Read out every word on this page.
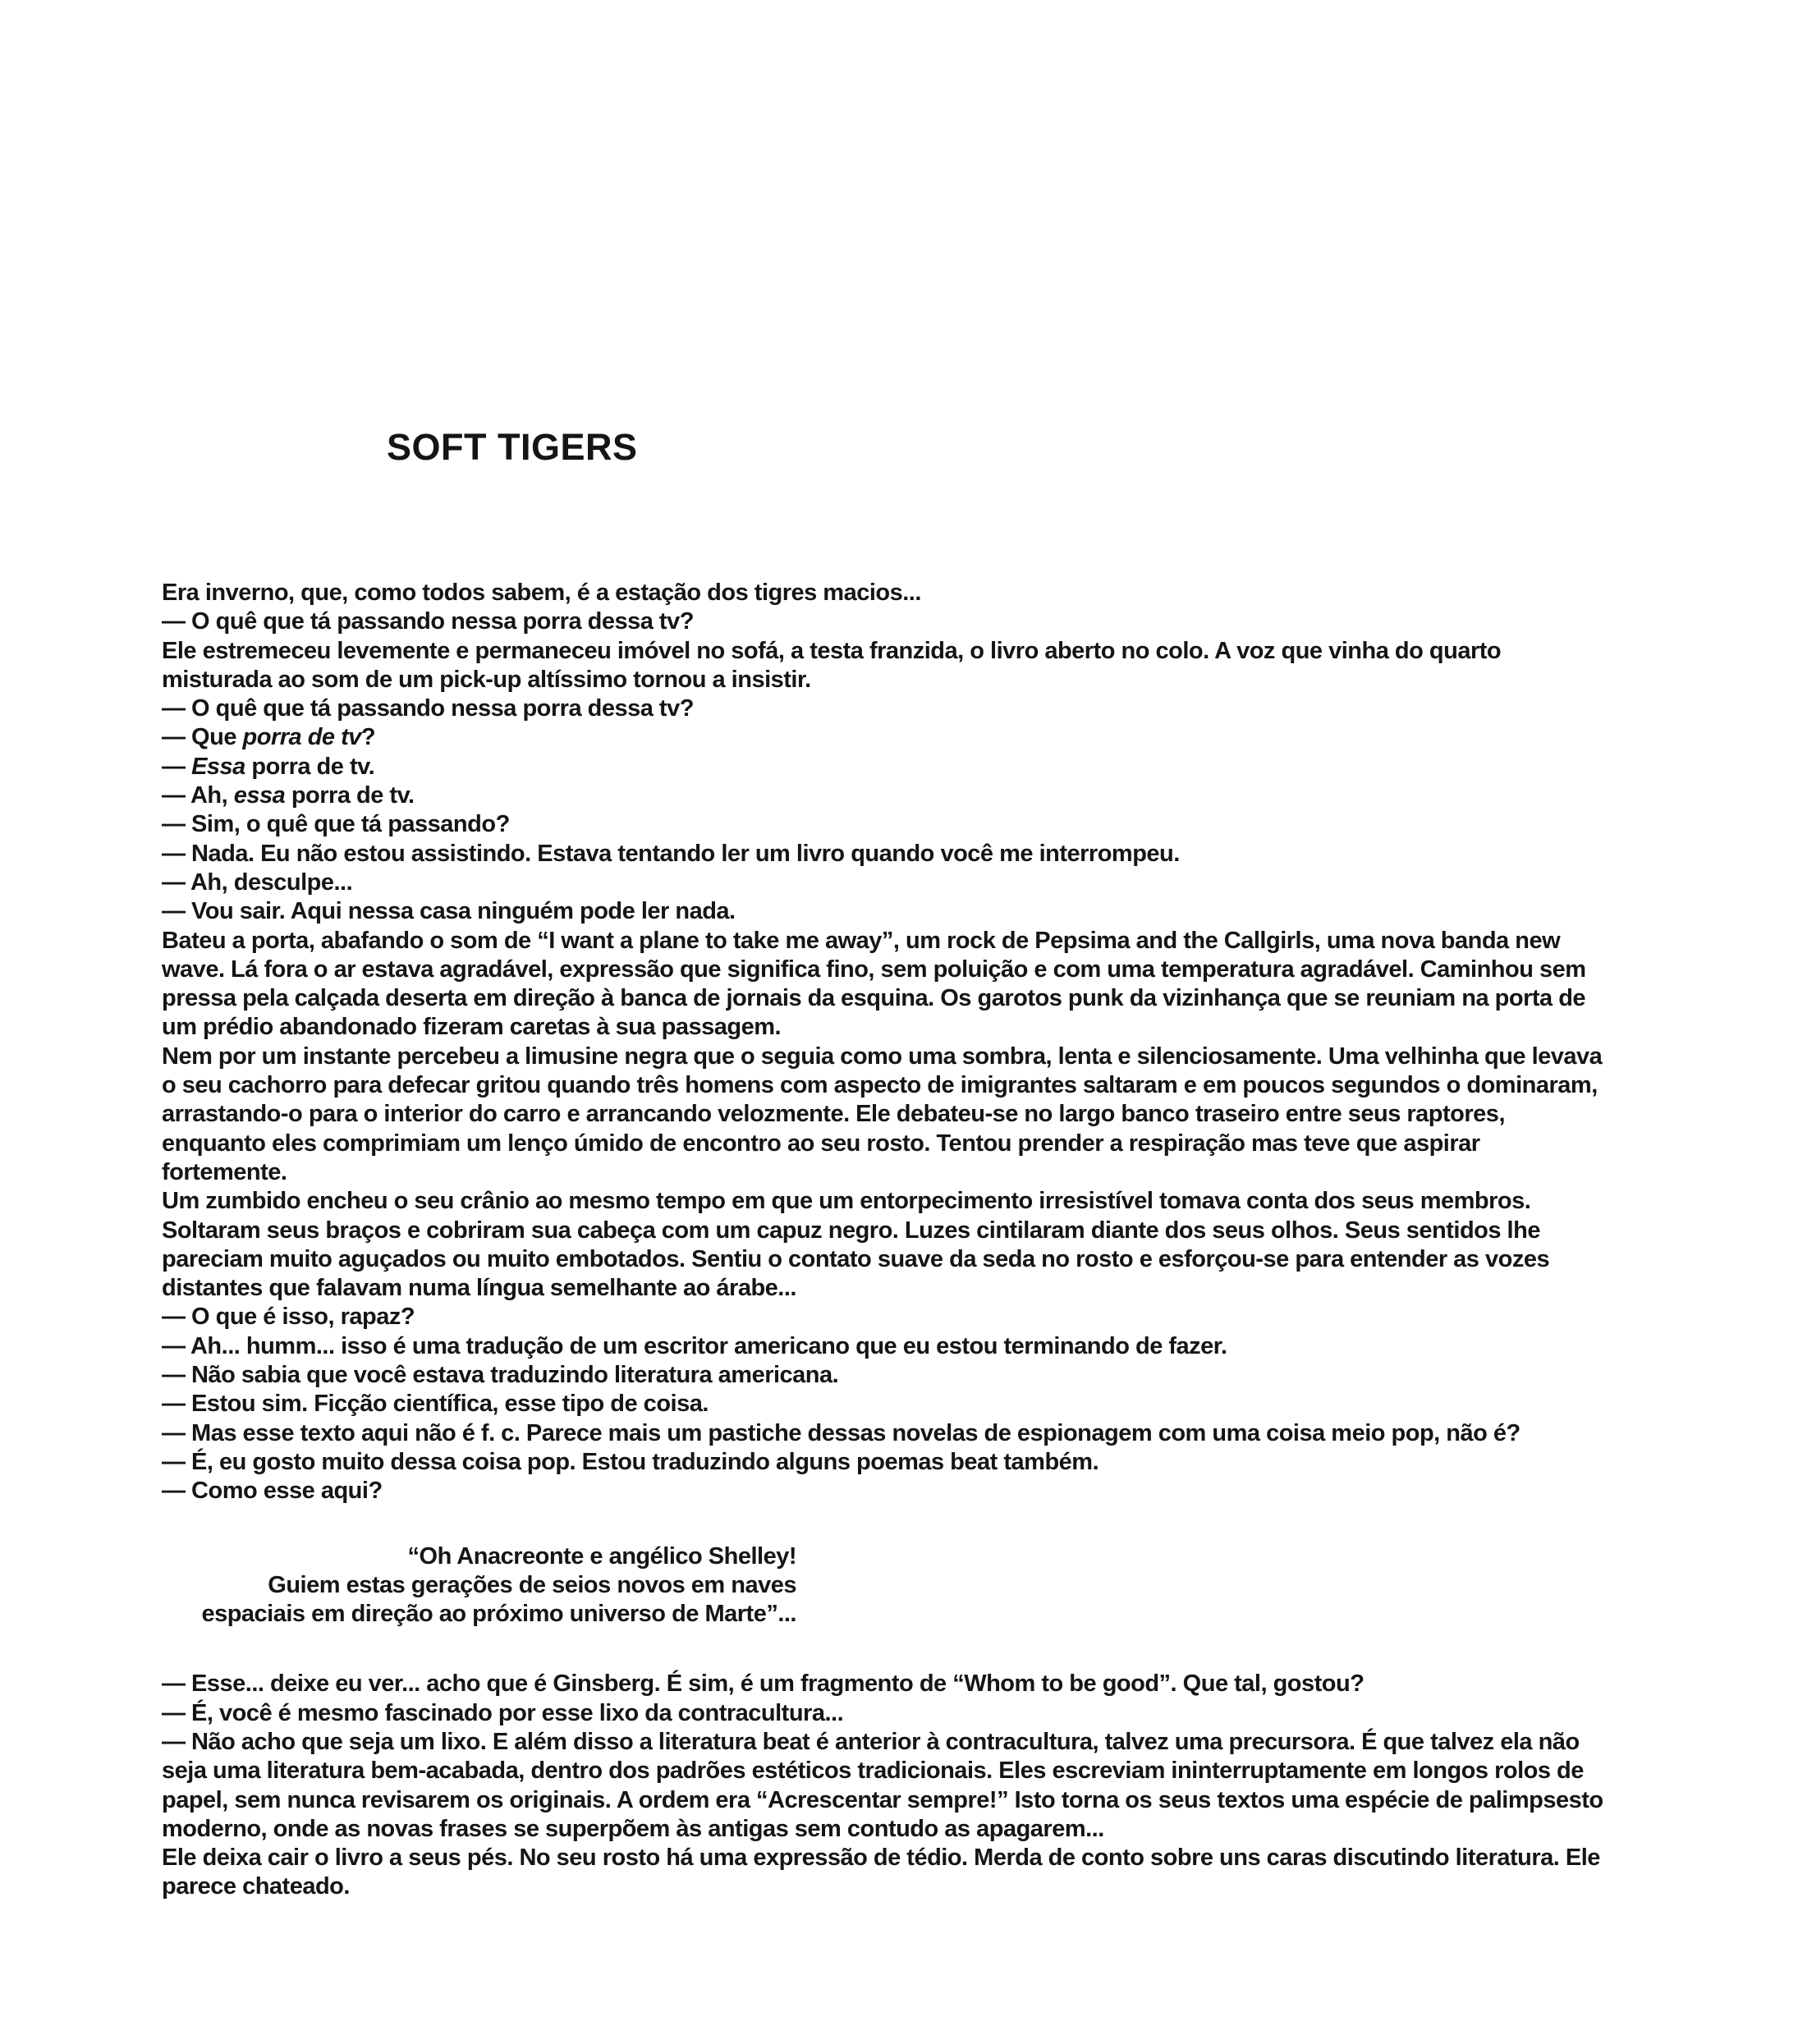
SOFT TIGERS
Era inverno, que, como todos sabem, é a estação dos tigres macios...
— O quê que tá passando nessa porra dessa tv?
Ele estremeceu levemente e permaneceu imóvel no sofá, a testa franzida, o livro aberto no colo. A voz que vinha do quarto
misturada ao som de um pick-up altíssimo tornou a insistir.
— O quê que tá passando nessa porra dessa tv?
— Que porra de tv?
— Essa porra de tv.
— Ah, essa porra de tv.
— Sim, o quê que tá passando?
— Nada. Eu não estou assistindo. Estava tentando ler um livro quando você me interrompeu.
— Ah, desculpe...
— Vou sair. Aqui nessa casa ninguém pode ler nada.
Bateu a porta, abafando o som de “I want a plane to take me away”, um rock de Pepsima and the Callgirls, uma nova banda new
wave. Lá fora o ar estava agradável, expressão que significa fino, sem poluição e com uma temperatura agradável. Caminhou sem
pressa pela calçada deserta em direção à banca de jornais da esquina. Os garotos punk da vizinhança que se reuniam na porta de
um prédio abandonado fizeram caretas à sua passagem.
Nem por um instante percebeu a limusine negra que o seguia como uma sombra, lenta e silenciosamente. Uma velhinha que levava
o seu cachorro para defecar gritou quando três homens com aspecto de imigrantes saltaram e em poucos segundos o dominaram,
arrastando-o para o interior do carro e arrancando velozmente. Ele debateu-se no largo banco traseiro entre seus raptores,
enquanto eles comprimiam um lenço úmido de encontro ao seu rosto. Tentou prender a respiração mas teve que aspirar
fortemente.
Um zumbido encheu o seu crânio ao mesmo tempo em que um entorpecimento irresistível tomava conta dos seus membros.
Soltaram seus braços e cobriram sua cabeça com um capuz negro. Luzes cintilaram diante dos seus olhos. Seus sentidos lhe
pareciam muito aguçados ou muito embotados. Sentiu o contato suave da seda no rosto e esforçou-se para entender as vozes
distantes que falavam numa língua semelhante ao árabe...
— O que é isso, rapaz?
— Ah... humm... isso é uma tradução de um escritor americano que eu estou terminando de fazer.
— Não sabia que você estava traduzindo literatura americana.
— Estou sim. Ficção científica, esse tipo de coisa.
— Mas esse texto aqui não é f. c. Parece mais um pastiche dessas novelas de espionagem com uma coisa meio pop, não é?
— É, eu gosto muito dessa coisa pop. Estou traduzindo alguns poemas beat também.
— Como esse aqui?
“Oh Anacreonte e angélico Shelley!
Guiem estas gerações de seios novos em naves
espaciais em direção ao próximo universo de Marte”...
— Esse... deixe eu ver... acho que é Ginsberg. É sim, é um fragmento de “Whom to be good”. Que tal, gostou?
— É, você é mesmo fascinado por esse lixo da contracultura...
— Não acho que seja um lixo. E além disso a literatura beat é anterior à contracultura, talvez uma precursora. É que talvez ela não
seja uma literatura bem-acabada, dentro dos padrões estéticos tradicionais. Eles escreviam ininterruptamente em longos rolos de
papel, sem nunca revisarem os originais. A ordem era “Acrescentar sempre!” Isto torna os seus textos uma espécie de palimpsesto
moderno, onde as novas frases se superpõem às antigas sem contudo as apagarem...
Ele deixa cair o livro a seus pés. No seu rosto há uma expressão de tédio. Merda de conto sobre uns caras discutindo literatura. Ele
parece chateado.
